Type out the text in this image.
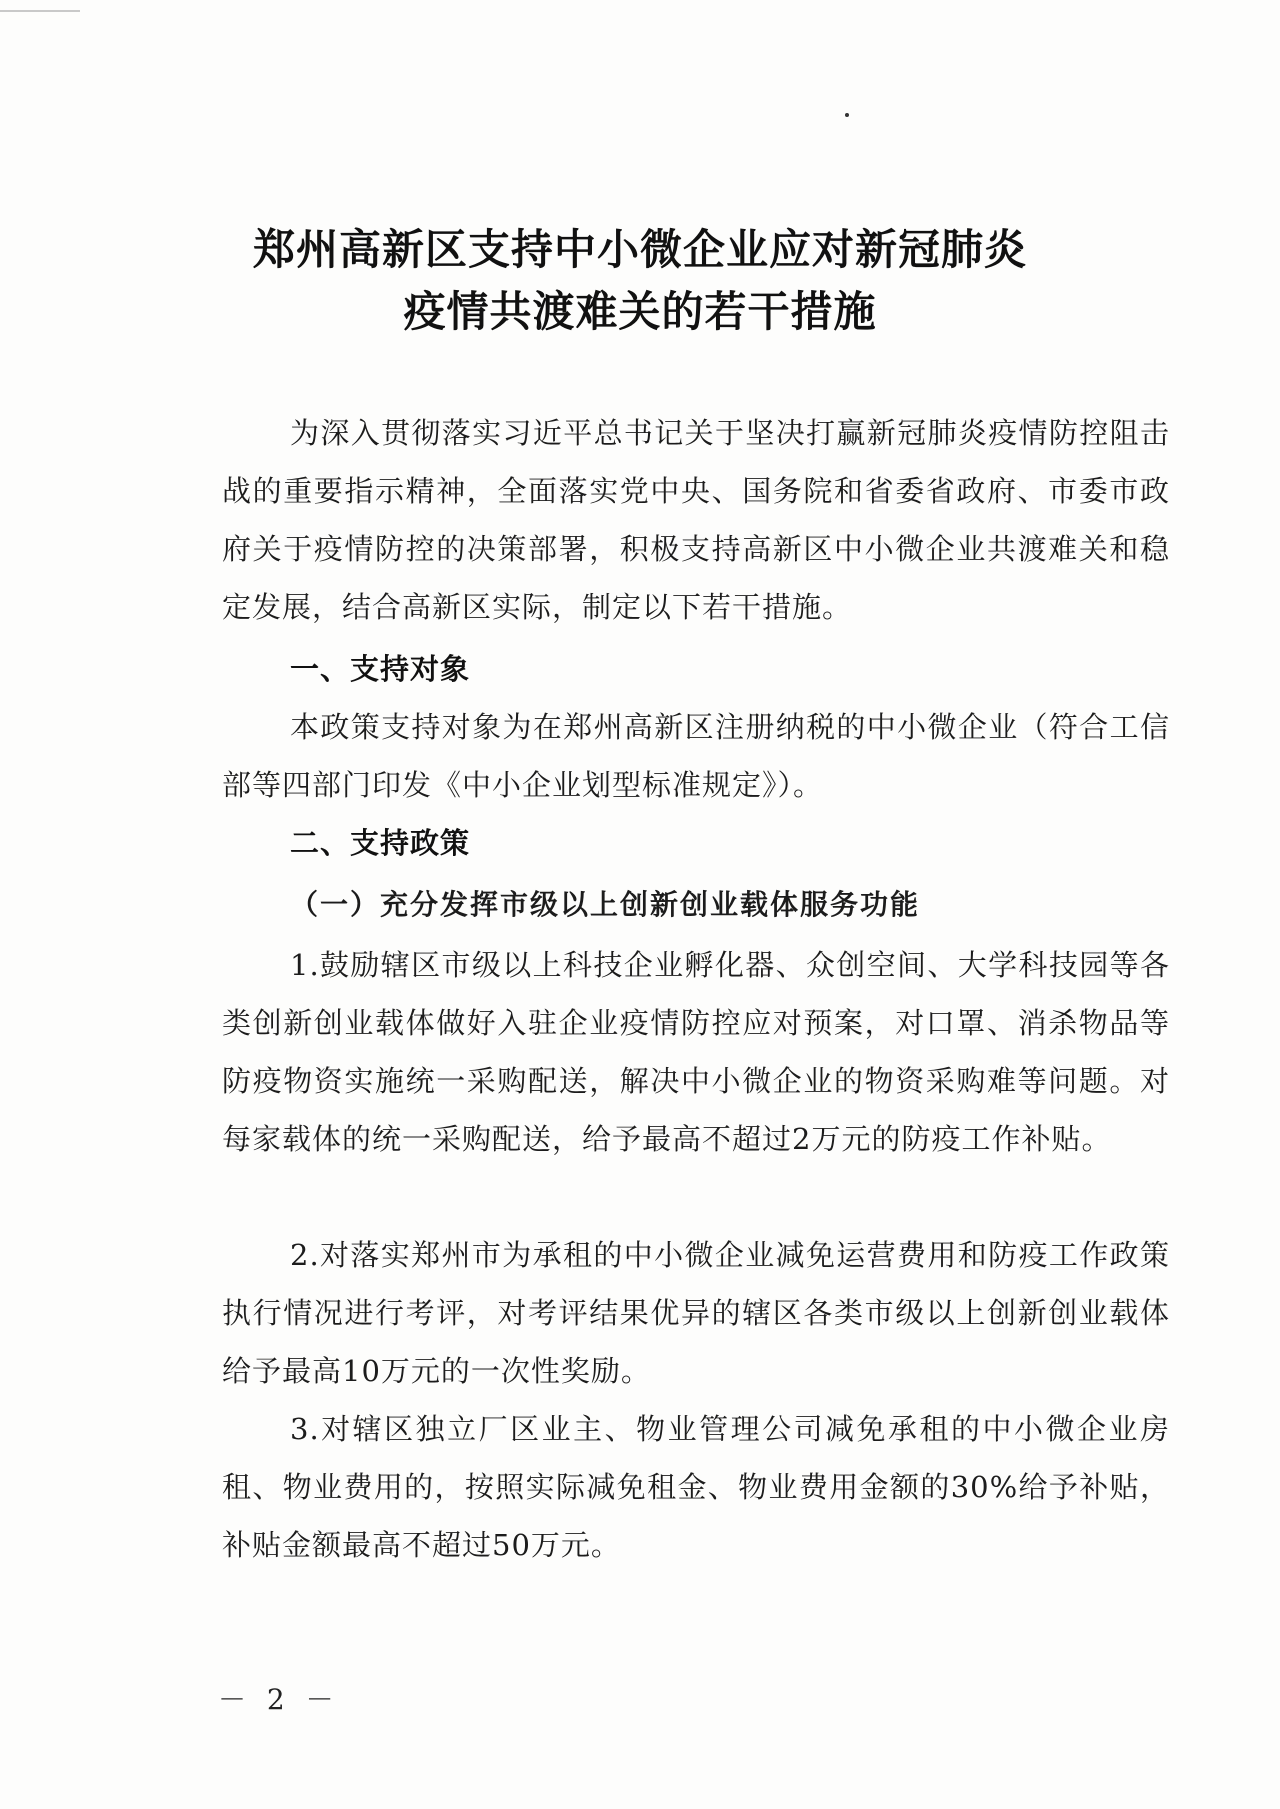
郑州高新区支持中小微企业应对新冠肺炎
疫情共渡难关的若干措施
为深入贯彻落实习近平总书记关于坚决打赢新冠肺炎疫情防控阻击战的重要指示精神，全面落实党中央、国务院和省委省政府、市委市政府关于疫情防控的决策部署，积极支持高新区中小微企业共渡难关和稳定发展，结合高新区实际，制定以下若干措施。
一、支持对象
本政策支持对象为在郑州高新区注册纳税的中小微企业（符合工信部等四部门印发《中小企业划型标准规定》）。
二、支持政策
（一）充分发挥市级以上创新创业载体服务功能
1.鼓励辖区市级以上科技企业孵化器、众创空间、大学科技园等各类创新创业载体做好入驻企业疫情防控应对预案，对口罩、消杀物品等防疫物资实施统一采购配送，解决中小微企业的物资采购难等问题。对每家载体的统一采购配送，给予最高不超过2万元的防疫工作补贴。
2.对落实郑州市为承租的中小微企业减免运营费用和防疫工作政策执行情况进行考评，对考评结果优异的辖区各类市级以上创新创业载体给予最高10万元的一次性奖励。
3.对辖区独立厂区业主、物业管理公司减免承租的中小微企业房租、物业费用的，按照实际减免租金、物业费用金额的30%给予补贴，补贴金额最高不超过50万元。
－ 2 －
